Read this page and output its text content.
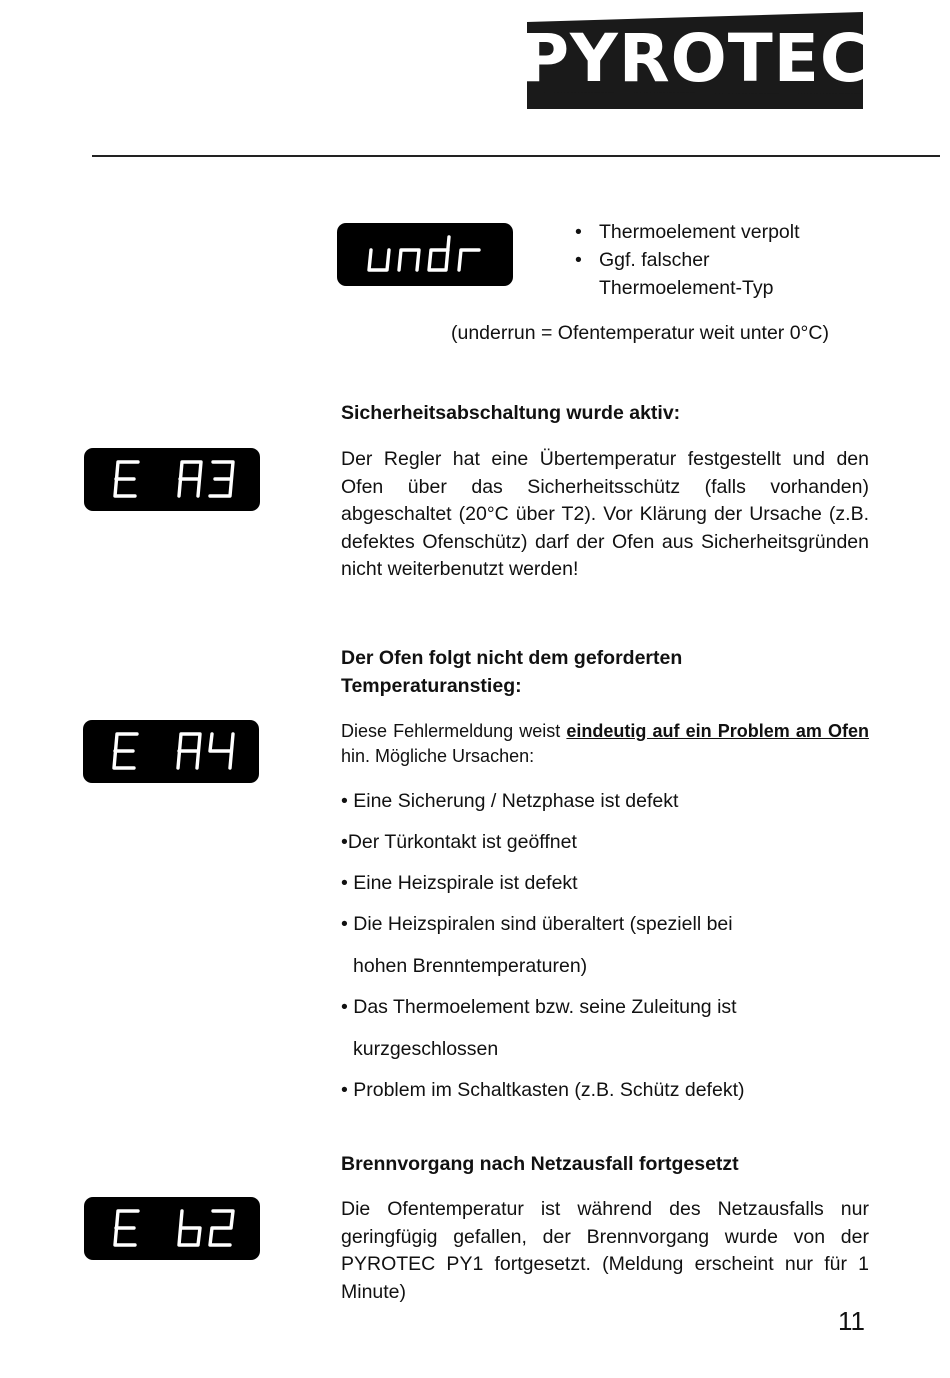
PYROTEC
• Thermoelement verpolt
• Ggf. falscher Thermoelement-Typ
(underrun = Ofentemperatur weit unter 0°C)
Sicherheitsabschaltung wurde aktiv:
Der Regler hat eine Übertemperatur festgestellt und den Ofen über das Sicherheitsschütz (falls vorhanden) abgeschaltet (20°C über T2). Vor Klärung der Ursache (z.B. defektes Ofenschütz) darf der Ofen aus Sicherheitsgründen nicht weiterbenutzt werden!
Der Ofen folgt nicht dem geforderten Temperaturanstieg:
Diese Fehlermeldung weist eindeutig auf ein Problem am Ofen hin. Mögliche Ursachen:
• Eine Sicherung / Netzphase ist defekt
•Der Türkontakt ist geöffnet
• Eine Heizspirale ist defekt
• Die Heizspiralen sind überaltert (speziell bei
hohen Brenntemperaturen)
• Das Thermoelement bzw. seine Zuleitung ist
kurzgeschlossen
• Problem im Schaltkasten (z.B. Schütz defekt)
Brennvorgang nach Netzausfall fortgesetzt
Die Ofentemperatur ist während des Netzausfalls nur geringfügig gefallen, der Brennvorgang wurde von der PYROTEC PY1 fortgesetzt. (Meldung erscheint nur für 1 Minute)
11
